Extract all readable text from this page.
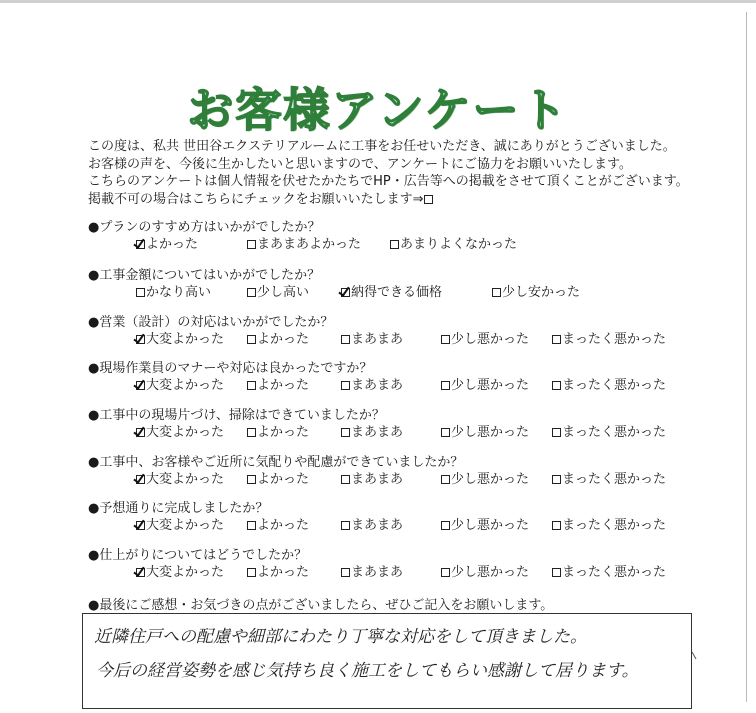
お客様アンケート
この度は、私共 世田谷エクステリアルームに工事をお任せいただき、誠にありがとうございました。
お客様の声を、今後に生かしたいと思いますので、アンケートにご協力をお願いいたします。
こちらのアンケートは個人情報を伏せたかたちでHP・広告等への掲載をさせて頂くことがございます。
掲載不可の場合はこちらにチェックをお願いいたします⇒
●プランのすすめ方はいかがでしたか？
よかった	まあまあよかった	あまりよくなかった
●工事金額についてはいかがでしたか？
かなり高い	少し高い	納得できる価格	少し安かった
●営業（設計）の対応はいかがでしたか？
大変よかった	よかった	まあまあ	少し悪かった	まったく悪かった
●現場作業員のマナーや対応は良かったですか？
大変よかった	よかった	まあまあ	少し悪かった	まったく悪かった
●工事中の現場片づけ、掃除はできていましたか？
大変よかった	よかった	まあまあ	少し悪かった	まったく悪かった
●工事中、お客様やご近所に気配りや配慮ができていましたか？
大変よかった	よかった	まあまあ	少し悪かった	まったく悪かった
●予想通りに完成しましたか？
大変よかった	よかった	まあまあ	少し悪かった	まったく悪かった
●仕上がりについてはどうでしたか？
大変よかった	よかった	まあまあ	少し悪かった	まったく悪かった
●最後にご感想・お気づきの点がございましたら、ぜひご記入をお願いします。
近隣住戸への配慮や細部にわたり丁寧な対応をして頂きました。
今后の経営姿勢を感じ気持ち良く施工をしてもらい感謝して居ります。
